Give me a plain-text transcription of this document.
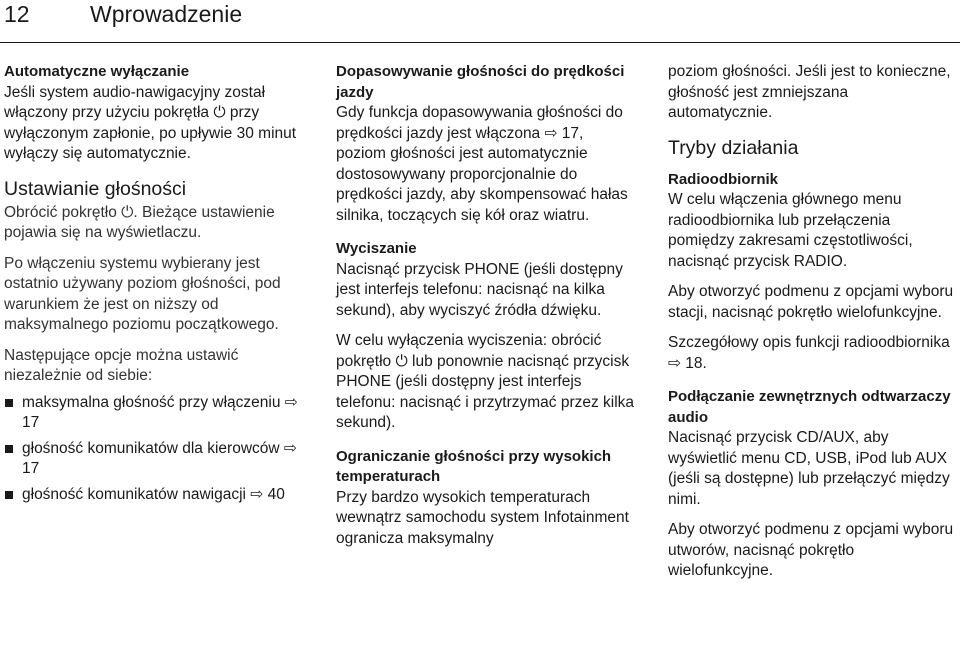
12	Wprowadzenie

Automatyczne wyłączanie

Jeśli system audio-nawigacyjny został włączony przy użyciu pokrętła ⏻ przy wyłączonym zapłonie, po upływie 30 minut wyłączy się automatycznie.

Ustawianie głośności

Obrócić pokrętło ⏻. Bieżące ustawienie pojawia się na wyświetlaczu.

Po włączeniu systemu wybierany jest ostatnio używany poziom głośności, pod warunkiem że jest on niższy od maksymalnego poziomu początkowego.

Następujące opcje można ustawić niezależnie od siebie:

maksymalna głośność przy włączeniu ⇨ 17
głośność komunikatów dla kierowców ⇨ 17
głośność komunikatów nawigacji ⇨ 40

Dopasowywanie głośności do prędkości jazdy

Gdy funkcja dopasowywania głośności do prędkości jazdy jest włączona ⇨ 17, poziom głośności jest automatycznie dostosowywany proporcjonalnie do prędkości jazdy, aby skompensować hałas silnika, toczących się kół oraz wiatru.

Wyciszanie

Nacisnąć przycisk PHONE (jeśli dostępny jest interfejs telefonu: nacisnąć na kilka sekund), aby wyciszyć źródła dźwięku.

W celu wyłączenia wyciszenia: obrócić pokrętło ⏻ lub ponownie nacisnąć przycisk PHONE (jeśli dostępny jest interfejs telefonu: nacisnąć i przytrzymać przez kilka sekund).

Ograniczanie głośności przy wysokich temperaturach

Przy bardzo wysokich temperaturach wewnątrz samochodu system Infotainment ogranicza maksymalny

poziom głośności. Jeśli jest to konieczne, głośność jest zmniejszana automatycznie.

Tryby działania

Radioodbiornik

W celu włączenia głównego menu radioodbiornika lub przełączenia pomiędzy zakresami częstotliwości, nacisnąć przycisk RADIO.

Aby otworzyć podmenu z opcjami wyboru stacji, nacisnąć pokrętło wielofunkcyjne.

Szczegółowy opis funkcji radioodbiornika ⇨ 18.

Podłączanie zewnętrznych odtwarzaczy audio

Nacisnąć przycisk CD/AUX, aby wyświetlić menu CD, USB, iPod lub AUX (jeśli są dostępne) lub przełączyć między nimi.

Aby otworzyć podmenu z opcjami wyboru utworów, nacisnąć pokrętło wielofunkcyjne.
